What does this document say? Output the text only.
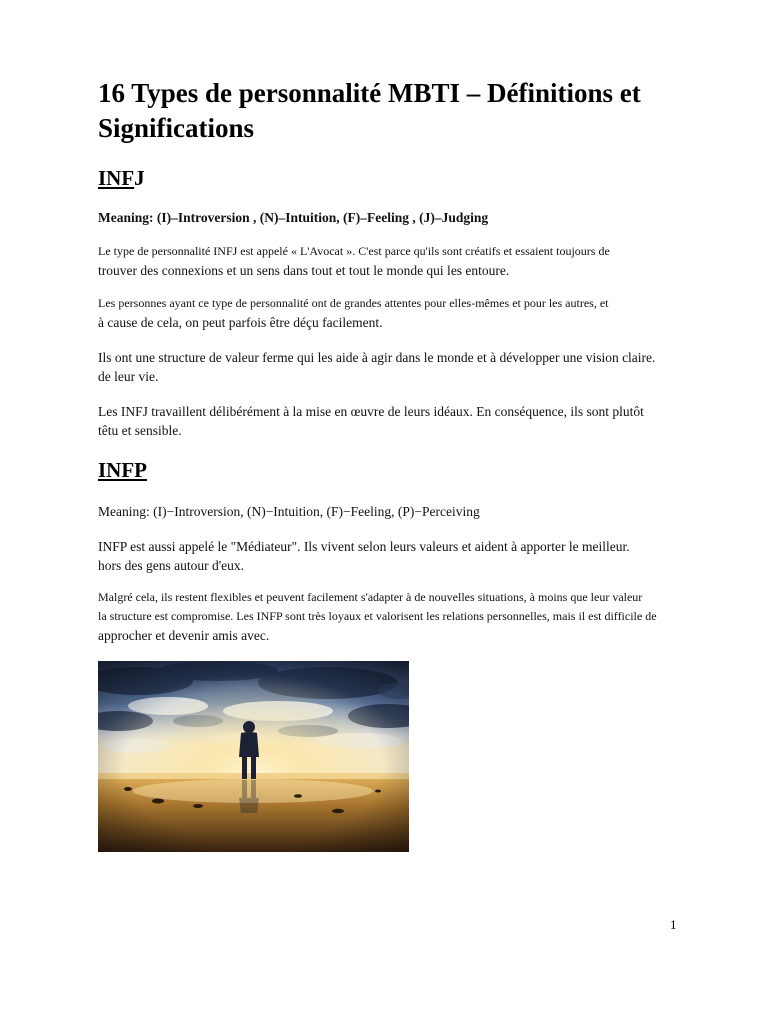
16 Types de personnalité MBTI – Définitions et Significations
INFJ

Meaning: (I)–Introversion , (N)–Intuition, (F)–Feeling , (J)–Judging

Le type de personnalité INFJ est appelé « L'Avocat ». C'est parce qu'ils sont créatifs et essaient toujours de
trouver des connexions et un sens dans tout et tout le monde qui les entoure.

Les personnes ayant ce type de personnalité ont de grandes attentes pour elles-mêmes et pour les autres, et
à cause de cela, on peut parfois être déçu facilement.

Ils ont une structure de valeur ferme qui les aide à agir dans le monde et à développer une vision claire.
de leur vie.

Les INFJ travaillent délibérément à la mise en œuvre de leurs idéaux. En conséquence, ils sont plutôt
têtu et sensible.

INFP

Meaning: (I)−Introversion, (N)−Intuition, (F)−Feeling, (P)−Perceiving

INFP est aussi appelé le "Médiateur". Ils vivent selon leurs valeurs et aident à apporter le meilleur.
hors des gens autour d'eux.

Malgré cela, ils restent flexibles et peuvent facilement s'adapter à de nouvelles situations, à moins que leur valeur
la structure est compromise. Les INFP sont très loyaux et valorisent les relations personnelles, mais il est difficile de
approcher et devenir amis avec.

1
